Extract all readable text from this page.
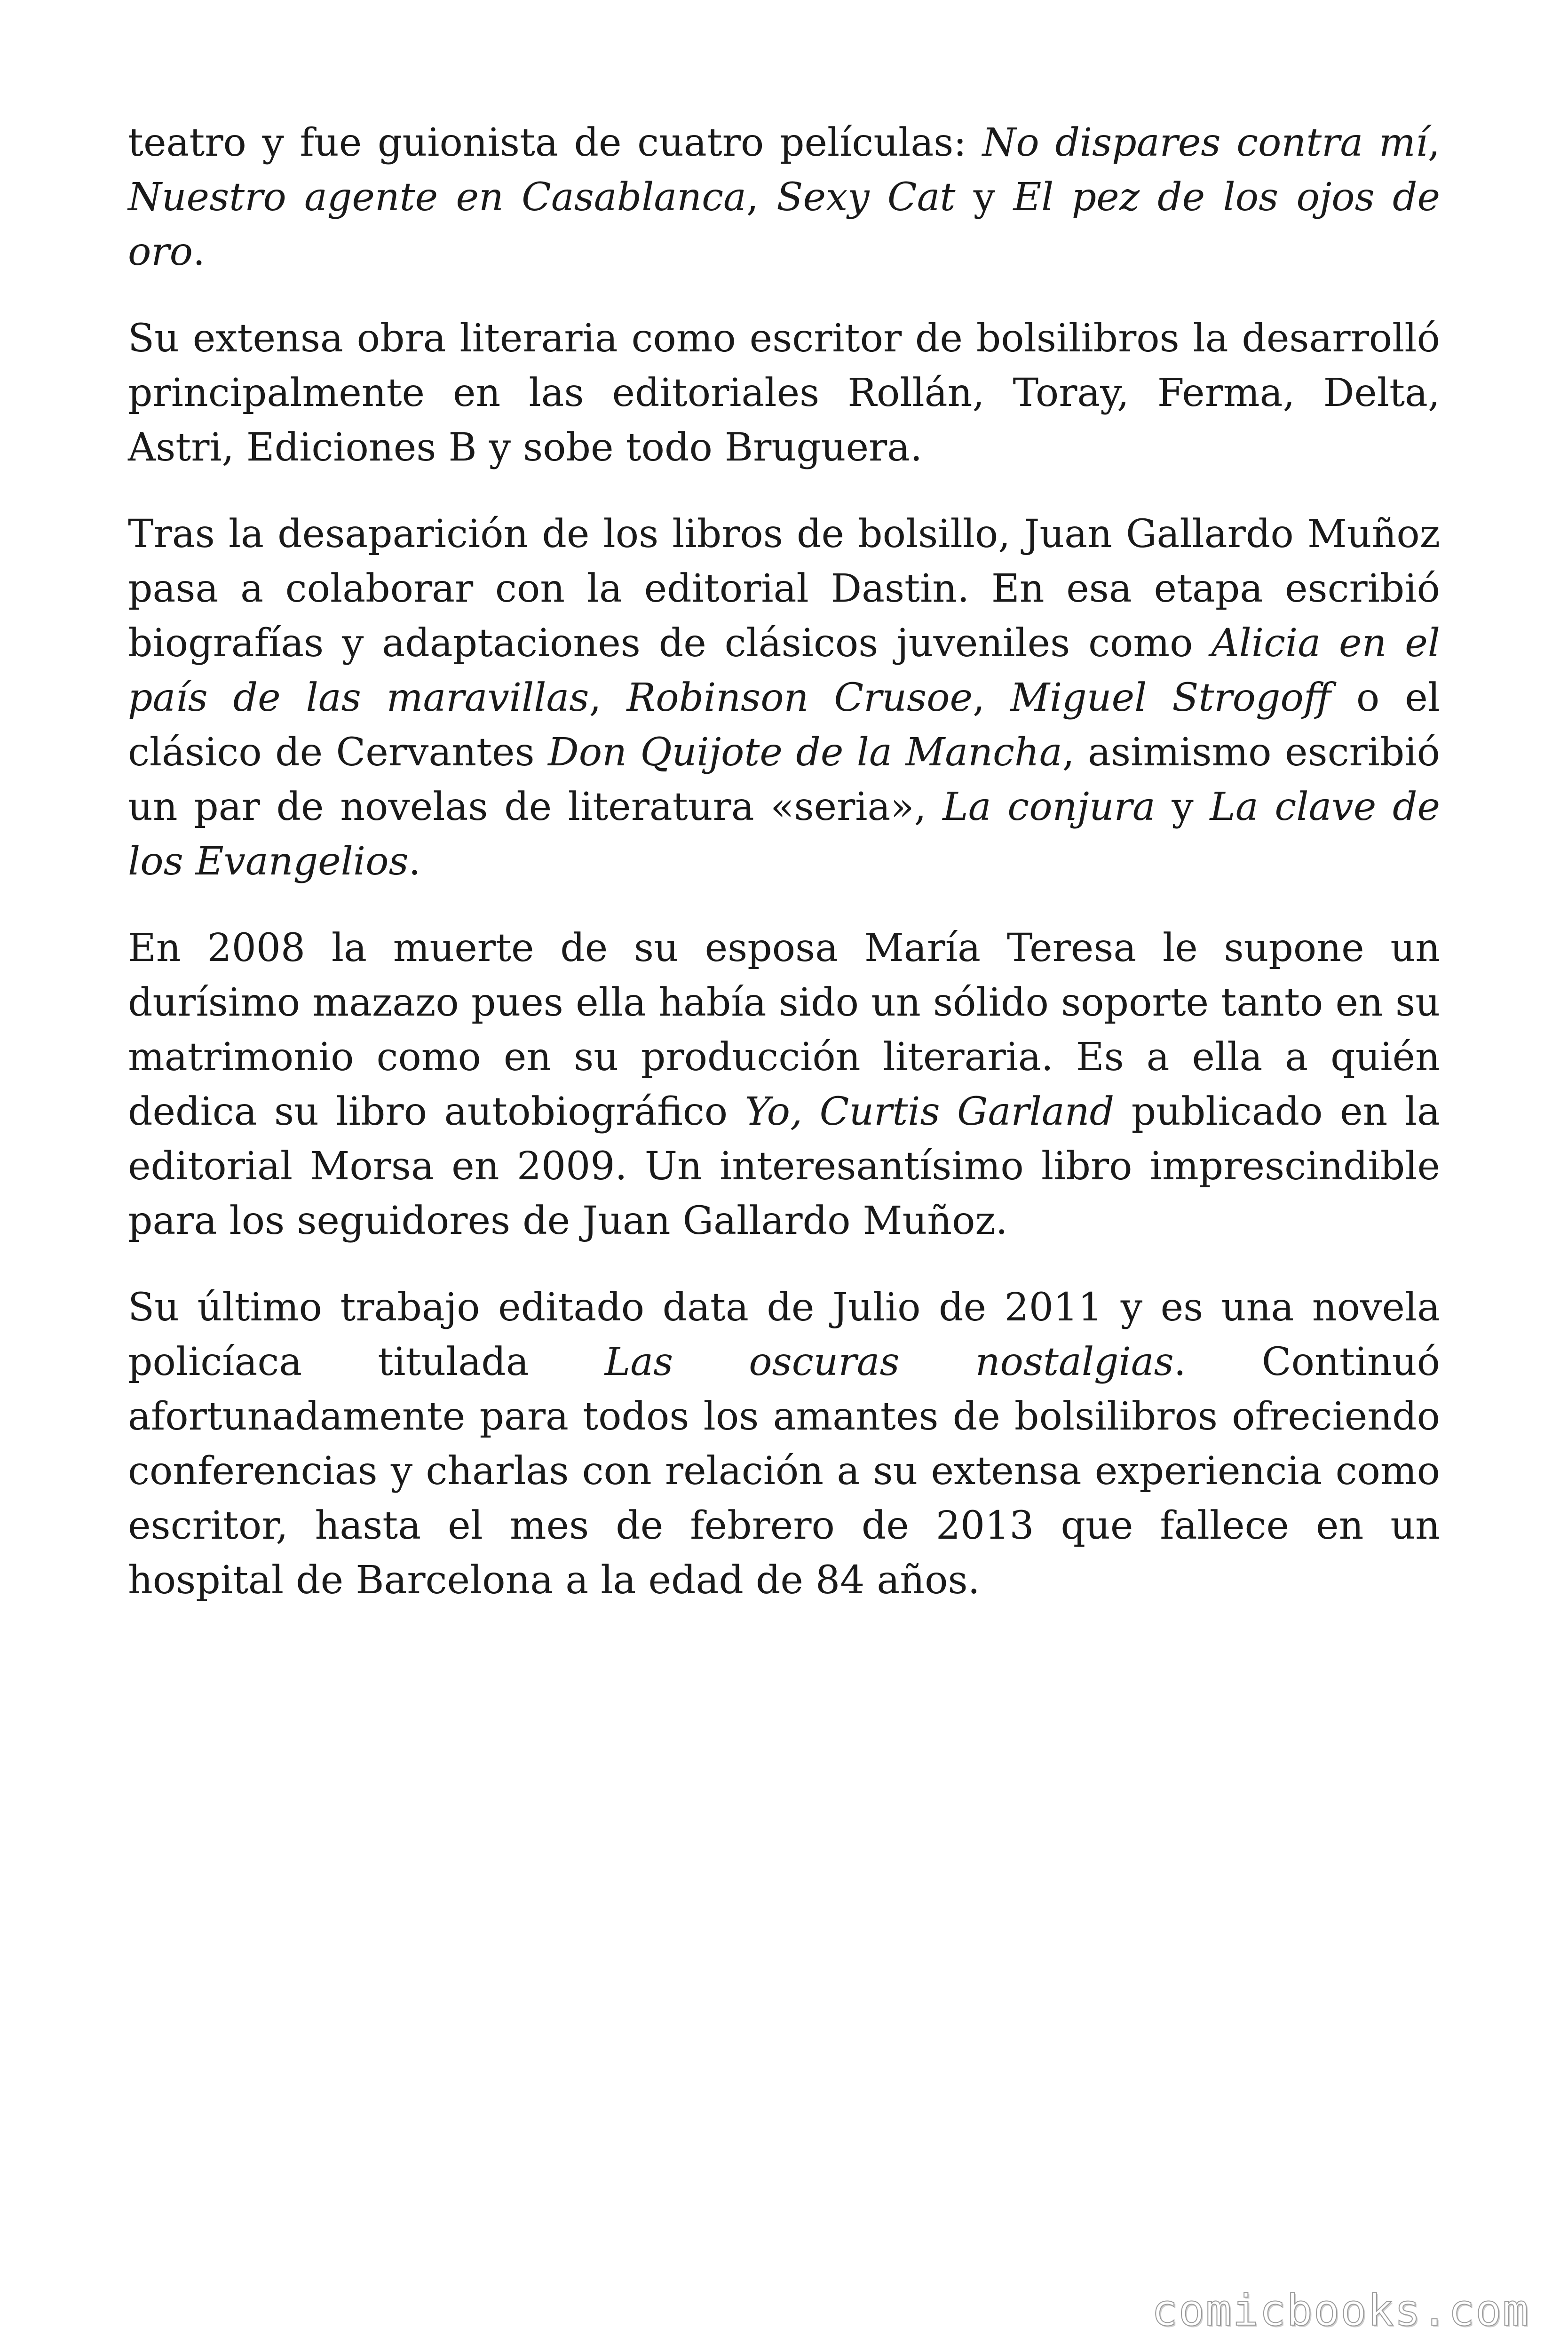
teatro y fue guionista de cuatro películas: No dispares contra mí, Nuestro agente en Casablanca, Sexy Cat y El pez de los ojos de oro.

Su extensa obra literaria como escritor de bolsilibros la desarrolló principalmente en las editoriales Rollán, Toray, Ferma, Delta, Astri, Ediciones B y sobe todo Bruguera.

Tras la desaparición de los libros de bolsillo, Juan Gallardo Muñoz pasa a colaborar con la editorial Dastin. En esa etapa escribió biografías y adaptaciones de clásicos juveniles como Alicia en el país de las maravillas, Robinson Crusoe, Miguel Strogoff o el clásico de Cervantes Don Quijote de la Mancha, asimismo escribió un par de novelas de literatura «seria», La conjura y La clave de los Evangelios.

En 2008 la muerte de su esposa María Teresa le supone un durísimo mazazo pues ella había sido un sólido soporte tanto en su matrimonio como en su producción literaria. Es a ella a quién dedica su libro autobiográfico Yo, Curtis Garland publicado en la editorial Morsa en 2009. Un interesantísimo libro imprescindible para los seguidores de Juan Gallardo Muñoz.

Su último trabajo editado data de Julio de 2011 y es una novela policíaca titulada Las oscuras nostalgias. Continuó afortunadamente para todos los amantes de bolsilibros ofreciendo conferencias y charlas con relación a su extensa experiencia como escritor, hasta el mes de febrero de 2013 que fallece en un hospital de Barcelona a la edad de 84 años.

comicbooks.com
